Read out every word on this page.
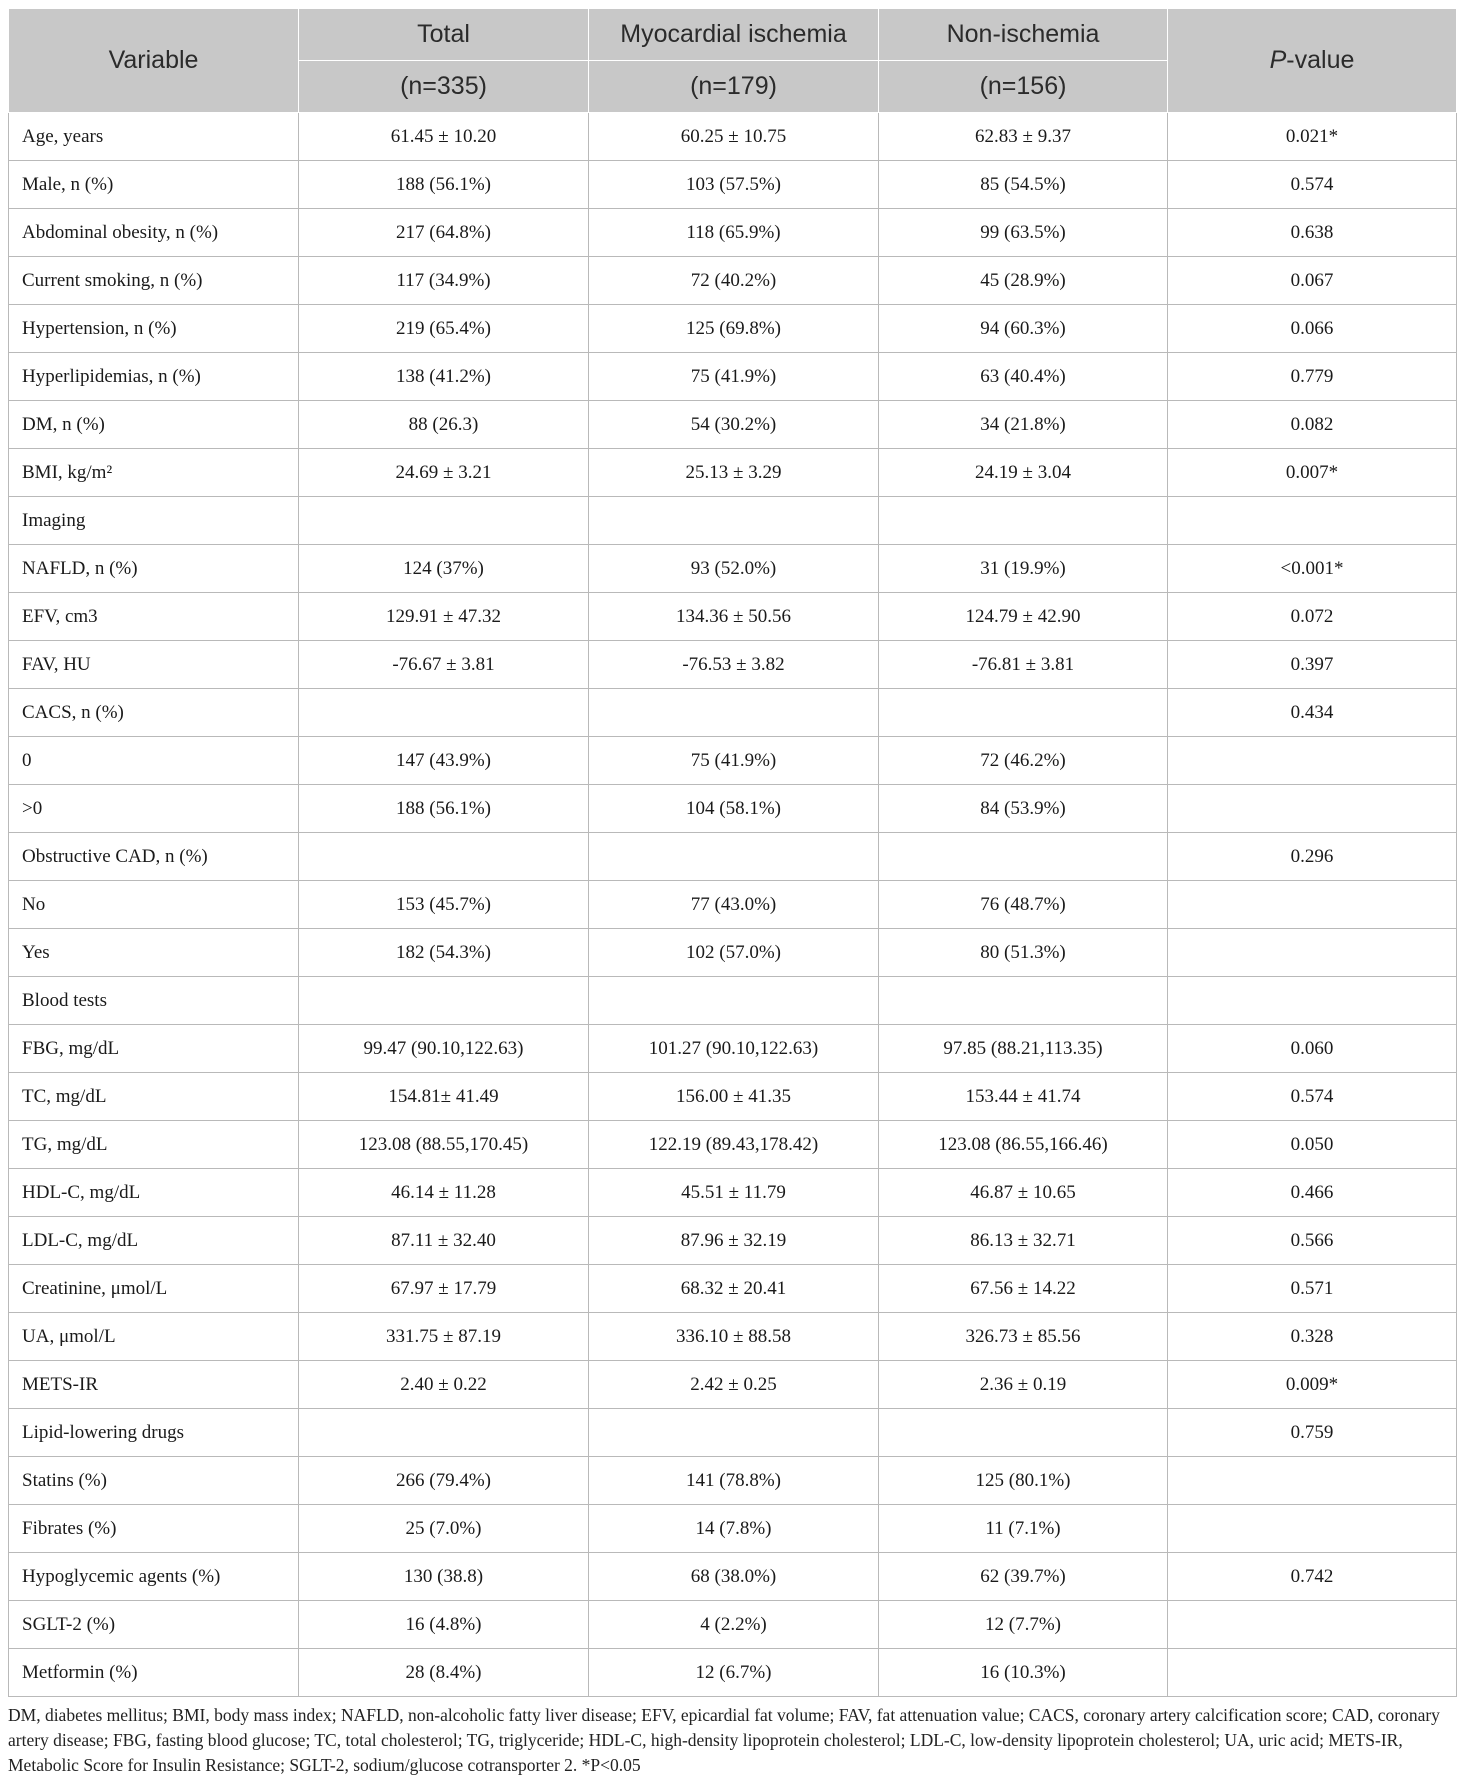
Variable	Total	Myocardial ischemia	Non-ischemia	P-value
	(n=335)	(n=179)	(n=156)	
Age, years	61.45 ± 10.20	60.25 ± 10.75	62.83 ± 9.37	0.021*
Male, n (%)	188 (56.1%)	103 (57.5%)	85 (54.5%)	0.574
Abdominal obesity, n (%)	217 (64.8%)	118 (65.9%)	99 (63.5%)	0.638
Current smoking, n (%)	117 (34.9%)	72 (40.2%)	45 (28.9%)	0.067
Hypertension, n (%)	219 (65.4%)	125 (69.8%)	94 (60.3%)	0.066
Hyperlipidemias, n (%)	138 (41.2%)	75 (41.9%)	63 (40.4%)	0.779
DM, n (%)	88 (26.3)	54 (30.2%)	34 (21.8%)	0.082
BMI, kg/m²	24.69 ± 3.21	25.13 ± 3.29	24.19 ± 3.04	0.007*
Imaging				
NAFLD, n (%)	124 (37%)	93 (52.0%)	31 (19.9%)	<0.001*
EFV, cm3	129.91 ± 47.32	134.36 ± 50.56	124.79 ± 42.90	0.072
FAV, HU	-76.67 ± 3.81	-76.53 ± 3.82	-76.81 ± 3.81	0.397
CACS, n (%)				0.434
0	147 (43.9%)	75 (41.9%)	72 (46.2%)	
>0	188 (56.1%)	104 (58.1%)	84 (53.9%)	
Obstructive CAD, n (%)				0.296
No	153 (45.7%)	77 (43.0%)	76 (48.7%)	
Yes	182 (54.3%)	102 (57.0%)	80 (51.3%)	
Blood tests				
FBG, mg/dL	99.47 (90.10,122.63)	101.27 (90.10,122.63)	97.85 (88.21,113.35)	0.060
TC, mg/dL	154.81± 41.49	156.00 ± 41.35	153.44 ± 41.74	0.574
TG, mg/dL	123.08 (88.55,170.45)	122.19 (89.43,178.42)	123.08 (86.55,166.46)	0.050
HDL-C, mg/dL	46.14 ± 11.28	45.51 ± 11.79	46.87 ± 10.65	0.466
LDL-C, mg/dL	87.11 ± 32.40	87.96 ± 32.19	86.13 ± 32.71	0.566
Creatinine, μmol/L	67.97 ± 17.79	68.32 ± 20.41	67.56 ± 14.22	0.571
UA, μmol/L	331.75 ± 87.19	336.10 ± 88.58	326.73 ± 85.56	0.328
METS-IR	2.40 ± 0.22	2.42 ± 0.25	2.36 ± 0.19	0.009*
Lipid-lowering drugs				0.759
Statins (%)	266 (79.4%)	141 (78.8%)	125 (80.1%)	
Fibrates (%)	25 (7.0%)	14 (7.8%)	11 (7.1%)	
Hypoglycemic agents (%)	130 (38.8)	68 (38.0%)	62 (39.7%)	0.742
SGLT-2 (%)	16 (4.8%)	4 (2.2%)	12 (7.7%)	
Metformin (%)	28 (8.4%)	12 (6.7%)	16 (10.3%)	
DM, diabetes mellitus; BMI, body mass index; NAFLD, non-alcoholic fatty liver disease; EFV, epicardial fat volume; FAV, fat attenuation value; CACS, coronary artery calcification score; CAD, coronary artery disease; FBG, fasting blood glucose; TC, total cholesterol; TG, triglyceride; HDL-C, high-density lipoprotein cholesterol; LDL-C, low-density lipoprotein cholesterol; UA, uric acid; METS-IR, Metabolic Score for Insulin Resistance; SGLT-2, sodium/glucose cotransporter 2. *P<0.05
